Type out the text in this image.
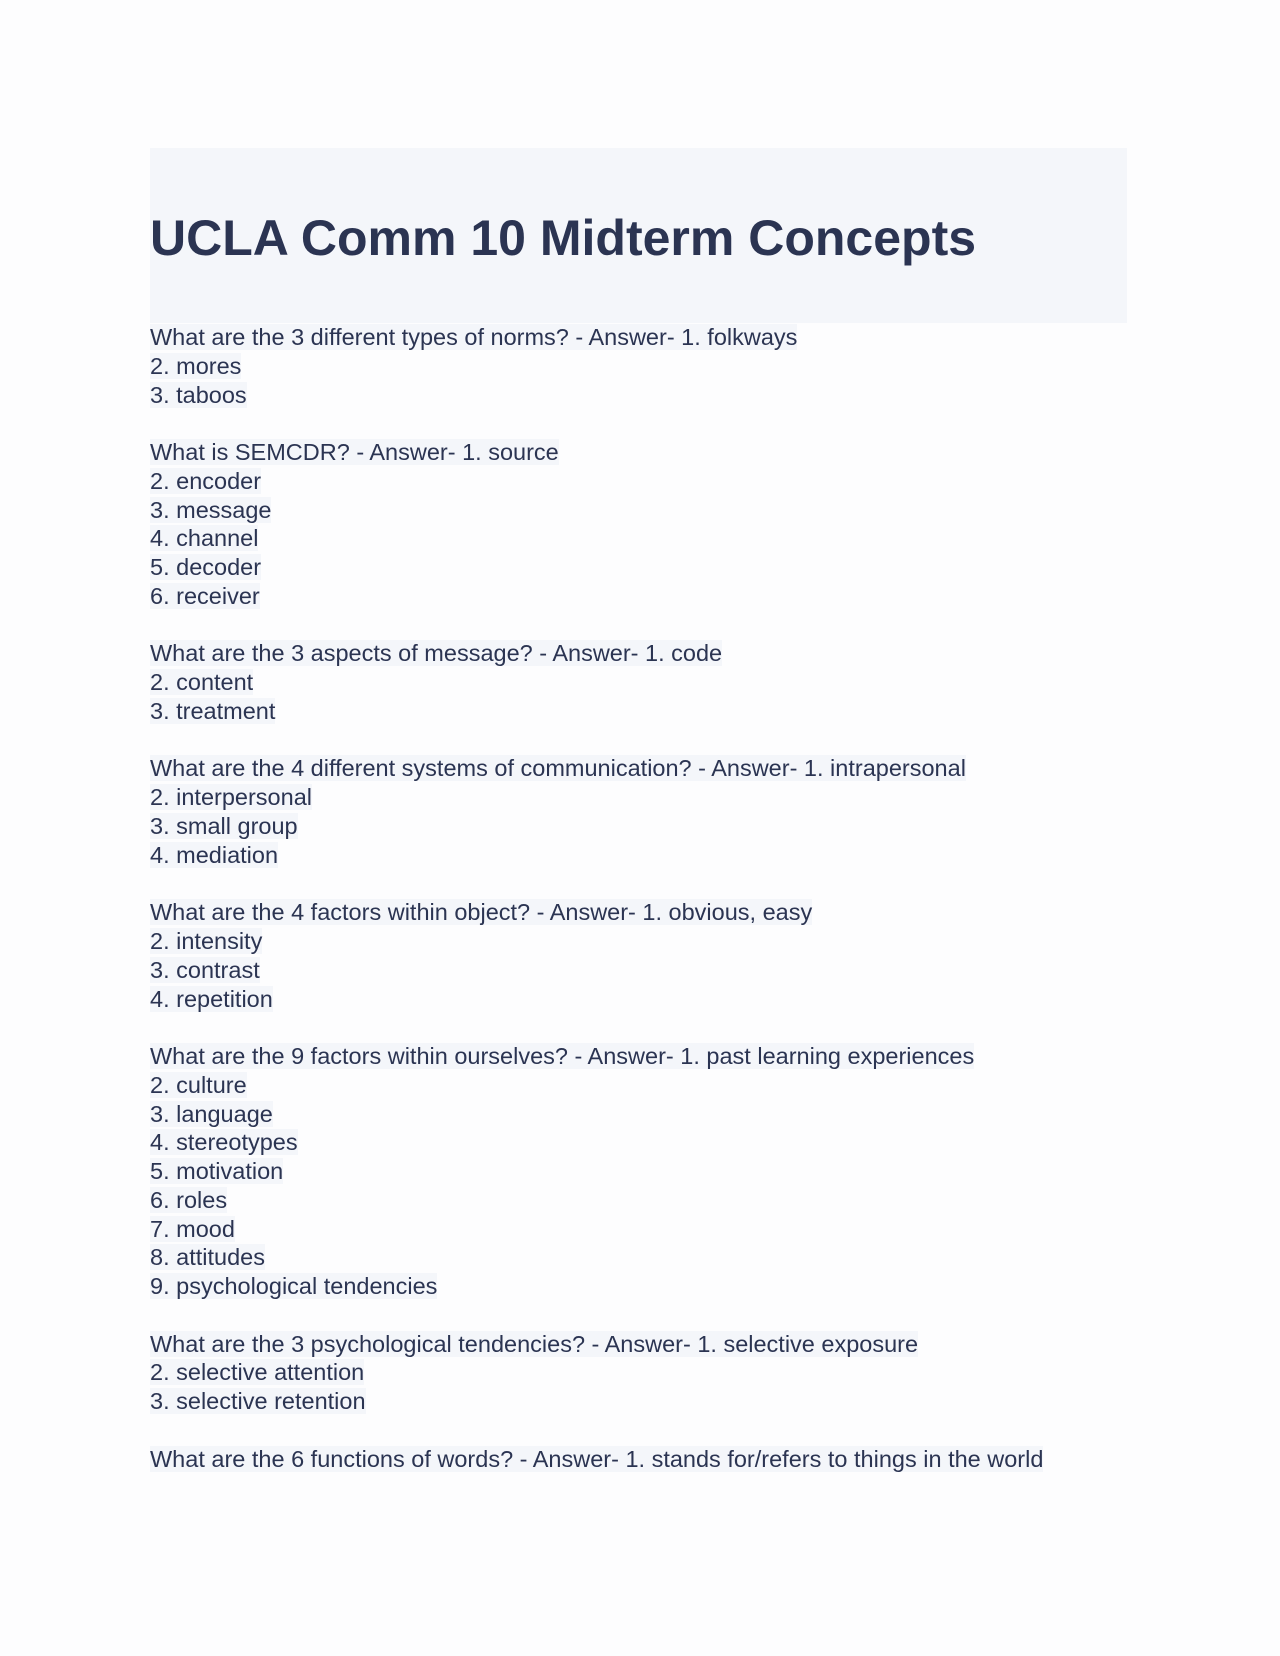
UCLA Comm 10 Midterm Concepts
What are the 3 different types of norms? - Answer- 1. folkways
2. mores
3. taboos
What is SEMCDR? - Answer- 1. source
2. encoder
3. message
4. channel
5. decoder
6. receiver
What are the 3 aspects of message? - Answer- 1. code
2. content
3. treatment
What are the 4 different systems of communication? - Answer- 1. intrapersonal
2. interpersonal
3. small group
4. mediation
What are the 4 factors within object? - Answer- 1. obvious, easy
2. intensity
3. contrast
4. repetition
What are the 9 factors within ourselves? - Answer- 1. past learning experiences
2. culture
3. language
4. stereotypes
5. motivation
6. roles
7. mood
8. attitudes
9. psychological tendencies
What are the 3 psychological tendencies? - Answer- 1. selective exposure
2. selective attention
3. selective retention
What are the 6 functions of words? - Answer- 1. stands for/refers to things in the world
